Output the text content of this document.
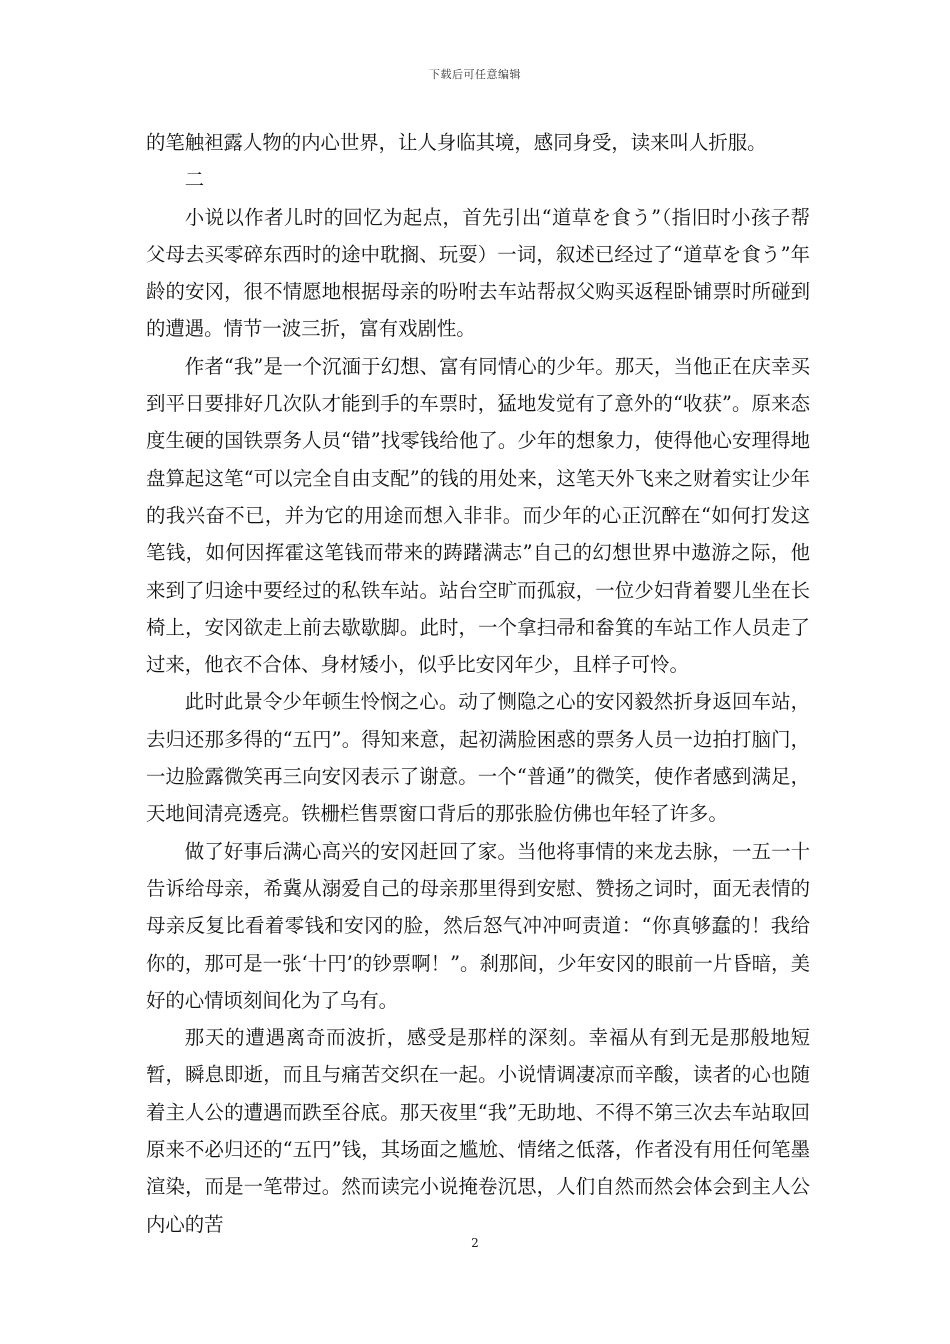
下载后可任意编辑

的笔触袒露人物的内心世界，让人身临其境，感同身受，读来叫人折服。

二

小说以作者儿时的回忆为起点，首先引出“道草を食う”（指旧时小孩子帮父母去买零碎东西时的途中耽搁、玩耍）一词，叙述已经过了“道草を食う”年龄的安冈，很不情愿地根据母亲的吩咐去车站帮叔父购买返程卧铺票时所碰到的遭遇。情节一波三折，富有戏剧性。

作者“我”是一个沉湎于幻想、富有同情心的少年。那天，当他正在庆幸买到平日要排好几次队才能到手的车票时，猛地发觉有了意外的“收获”。原来态度生硬的国铁票务人员“错”找零钱给他了。少年的想象力，使得他心安理得地盘算起这笔“可以完全自由支配”的钱的用处来，这笔天外飞来之财着实让少年的我兴奋不已，并为它的用途而想入非非。而少年的心正沉醉在“如何打发这笔钱，如何因挥霍这笔钱而带来的踌躇满志”自己的幻想世界中遨游之际，他来到了归途中要经过的私铁车站。站台空旷而孤寂，一位少妇背着婴儿坐在长椅上，安冈欲走上前去歇歇脚。此时，一个拿扫帚和畚箕的车站工作人员走了过来，他衣不合体、身材矮小，似乎比安冈年少，且样子可怜。

此时此景令少年顿生怜悯之心。动了恻隐之心的安冈毅然折身返回车站，去归还那多得的“五円”。得知来意，起初满脸困惑的票务人员一边拍打脑门，一边脸露微笑再三向安冈表示了谢意。一个“普通”的微笑，使作者感到满足，天地间清亮透亮。铁栅栏售票窗口背后的那张脸仿佛也年轻了许多。

做了好事后满心高兴的安冈赶回了家。当他将事情的来龙去脉，一五一十告诉给母亲，希冀从溺爱自己的母亲那里得到安慰、赞扬之词时，面无表情的母亲反复比看着零钱和安冈的脸，然后怒气冲冲呵责道：“你真够蠢的！我给你的，那可是一张‘十円’的钞票啊！”。刹那间，少年安冈的眼前一片昏暗，美好的心情顷刻间化为了乌有。

那天的遭遇离奇而波折，感受是那样的深刻。幸福从有到无是那般地短暂，瞬息即逝，而且与痛苦交织在一起。小说情调凄凉而辛酸，读者的心也随着主人公的遭遇而跌至谷底。那天夜里“我”无助地、不得不第三次去车站取回原来不必归还的“五円”钱，其场面之尴尬、情绪之低落，作者没有用任何笔墨渲染，而是一笔带过。然而读完小说掩卷沉思，人们自然而然会体会到主人公内心的苦

2
